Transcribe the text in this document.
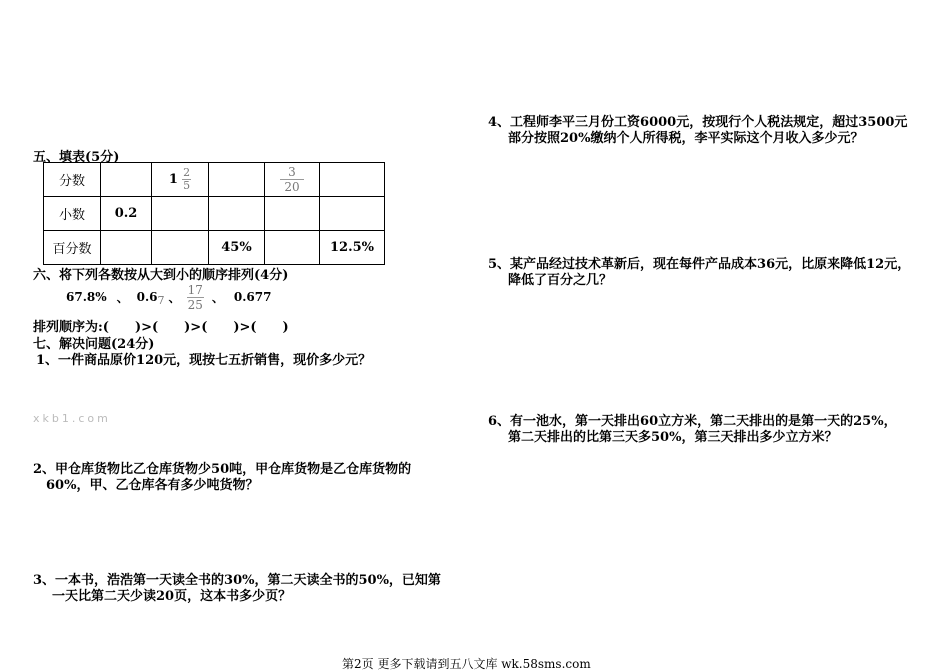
五、填表(5分)
分数		$1 \frac{2}{5}$		$\frac{3}{20}$

小数	0.2				
百分数			45%		12.5%
六、将下列各数按从大到小的顺序排列(4分)
67.8% 、 0.6 7 、 $\frac{17}{25}$ 、 0.677
排列顺序为:(　　)>(　　)>(　　)>(　　)
七、解决问题(24分)
1、一件商品原价120元，现按七五折销售，现价多少元？
xkb1.com
2、甲仓库货物比乙仓库货物少50吨，甲仓库货物是乙仓库货物的
60%，甲、乙仓库各有多少吨货物？
3、一本书，浩浩第一天读全书的30%，第二天读全书的50%，已知第
一天比第二天少读20页，这本书多少页？
4、工程师李平三月份工资6000元，按现行个人税法规定，超过3500元
部分按照20%缴纳个人所得税，李平实际这个月收入多少元？
5、某产品经过技术革新后，现在每件产品成本36元，比原来降低12元，
降低了百分之几？
6、有一池水，第一天排出60立方米，第二天排出的是第一天的25%，
第二天排出的比第三天多50%，第三天排出多少立方米？
第2页 更多下载请到五八文库 wk.58sms.com
